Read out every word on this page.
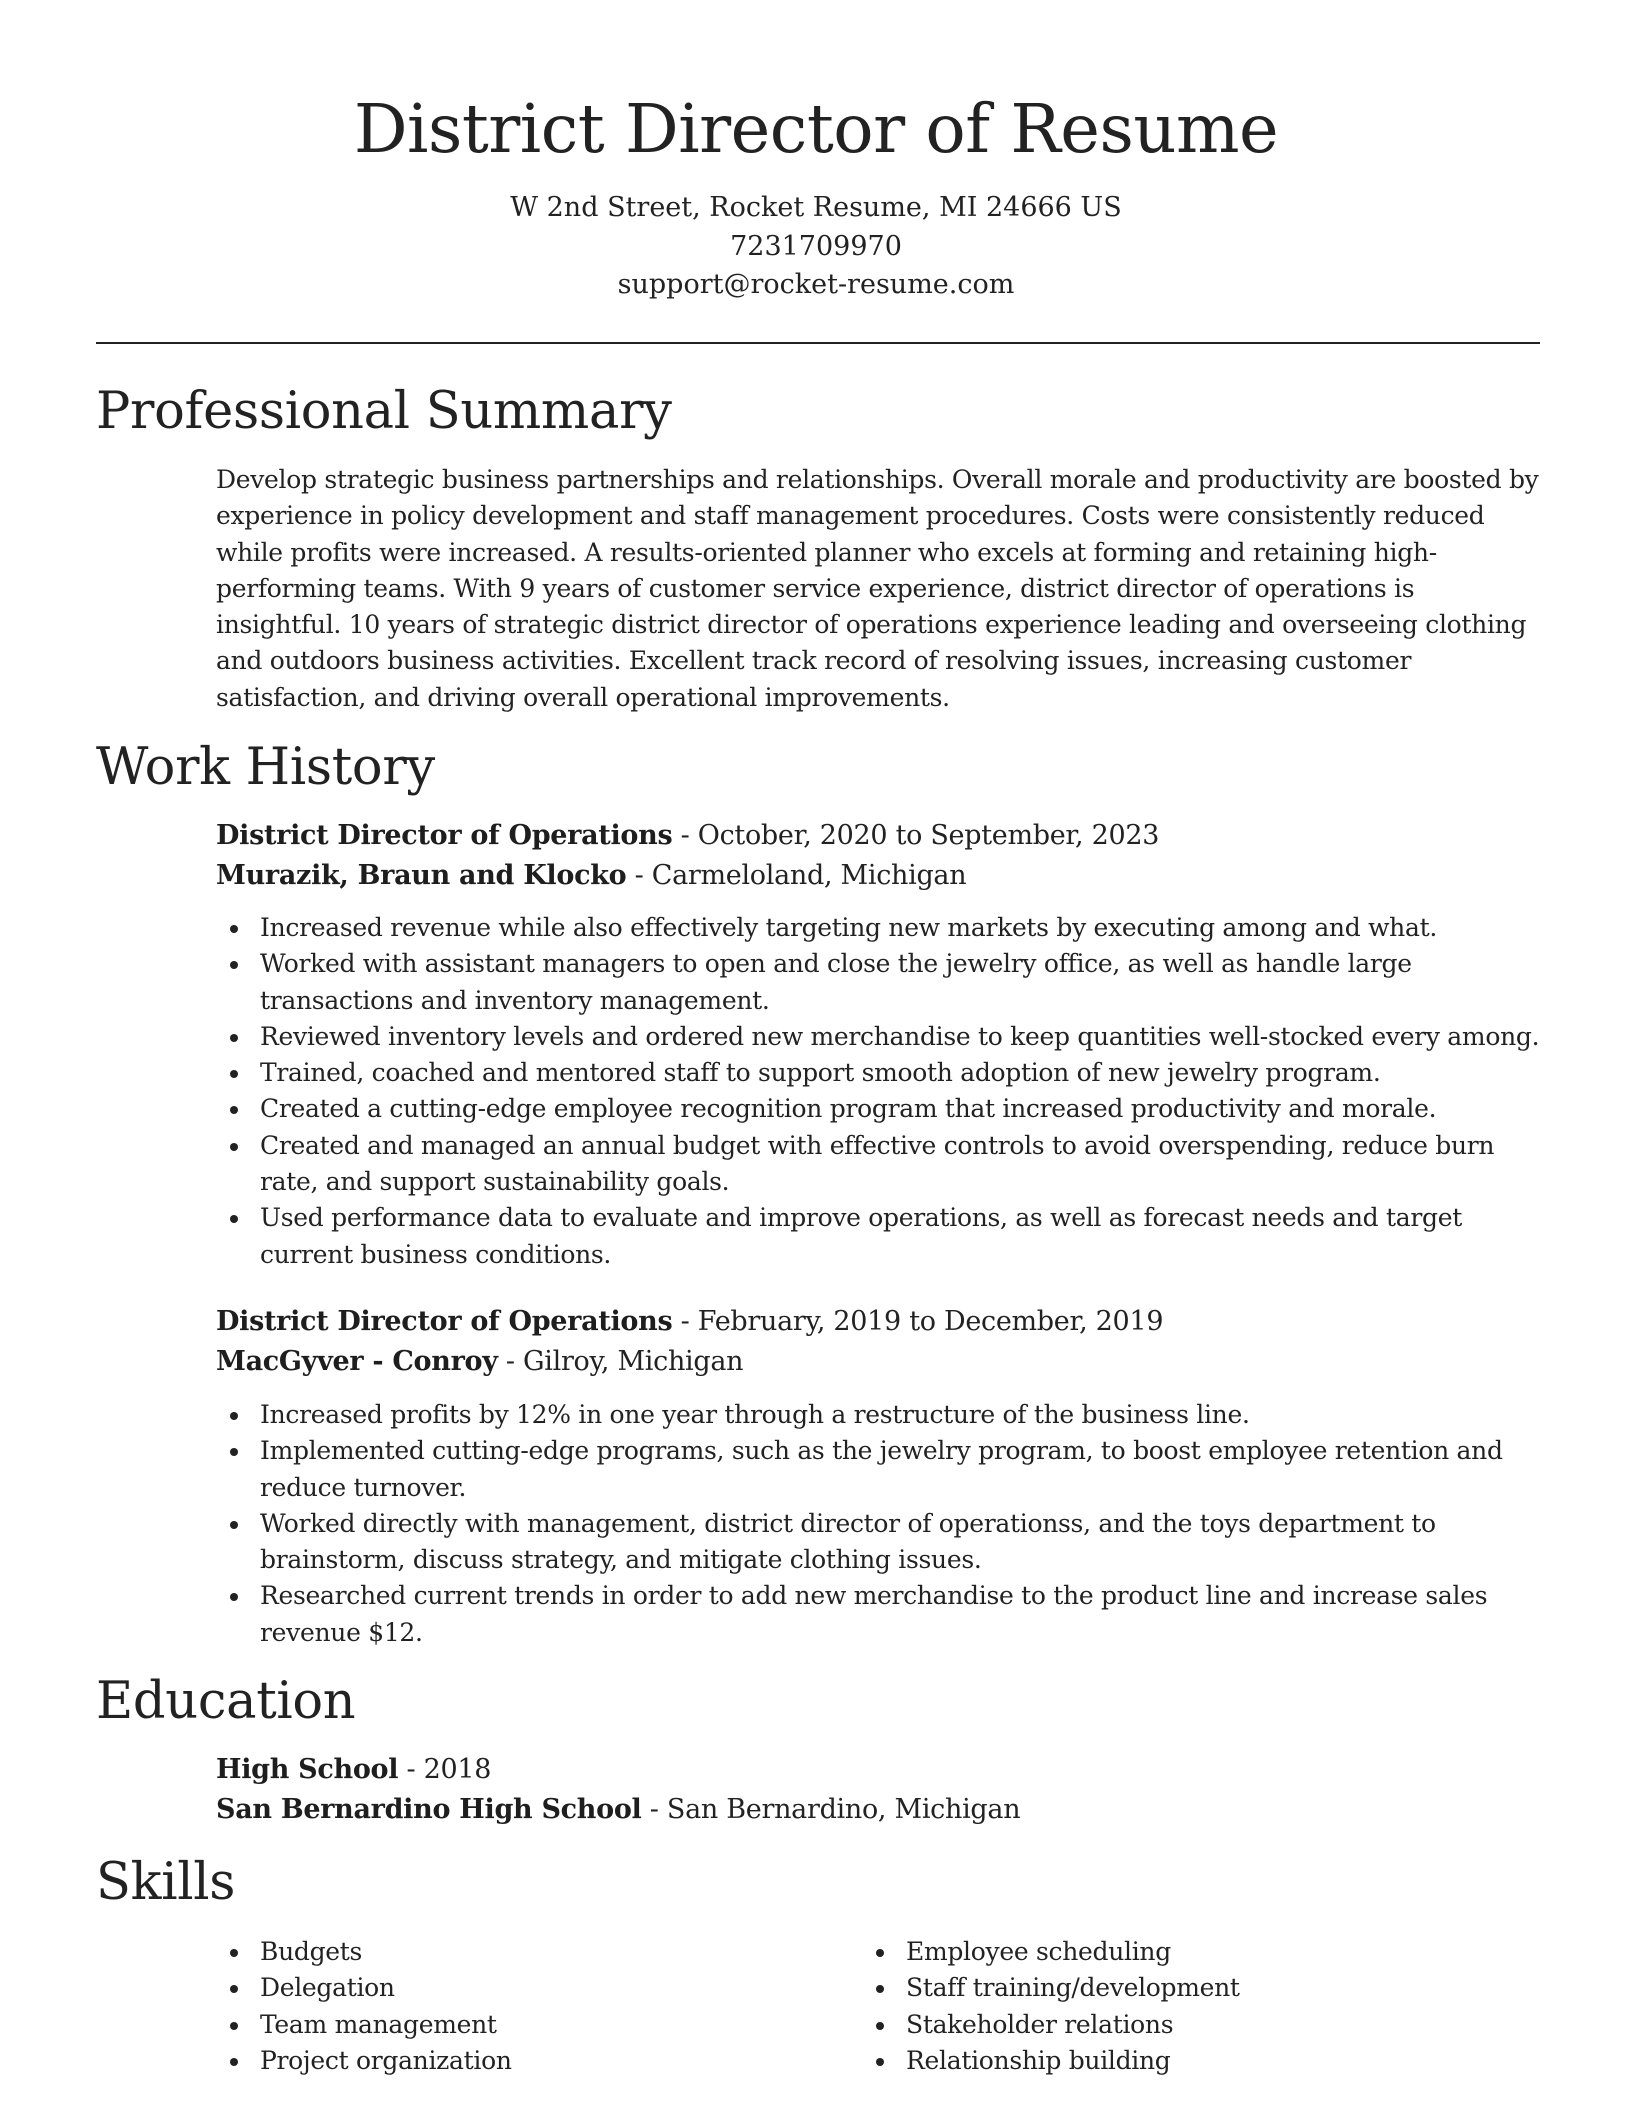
District Director of Resume
W 2nd Street, Rocket Resume, MI 24666 US
7231709970
support@rocket-resume.com
Professional Summary

Develop strategic business partnerships and relationships. Overall morale and productivity are boosted by experience in policy development and staff management procedures. Costs were consistently reduced while profits were increased. A results-oriented planner who excels at forming and retaining high-performing teams. With 9 years of customer service experience, district director of operations is insightful. 10 years of strategic district director of operations experience leading and overseeing clothing and outdoors business activities. Excellent track record of resolving issues, increasing customer satisfaction, and driving overall operational improvements.

Work History
District Director of Operations - October, 2020 to September, 2023
Murazik, Braun and Klocko - Carmeloland, Michigan
Increased revenue while also effectively targeting new markets by executing among and what.
Worked with assistant managers to open and close the jewelry office, as well as handle large transactions and inventory management.
Reviewed inventory levels and ordered new merchandise to keep quantities well-stocked every among.
Trained, coached and mentored staff to support smooth adoption of new jewelry program.
Created a cutting-edge employee recognition program that increased productivity and morale.
Created and managed an annual budget with effective controls to avoid overspending, reduce burn rate, and support sustainability goals.
Used performance data to evaluate and improve operations, as well as forecast needs and target current business conditions.
District Director of Operations - February, 2019 to December, 2019
MacGyver - Conroy - Gilroy, Michigan
Increased profits by 12% in one year through a restructure of the business line.
Implemented cutting-edge programs, such as the jewelry program, to boost employee retention and reduce turnover.
Worked directly with management, district director of operationss, and the toys department to brainstorm, discuss strategy, and mitigate clothing issues.
Researched current trends in order to add new merchandise to the product line and increase sales revenue $12.
Education
High School - 2018
San Bernardino High School - San Bernardino, Michigan
Skills
Budgets
Delegation
Team management
Project organization
Employee scheduling
Staff training/development
Stakeholder relations
Relationship building
